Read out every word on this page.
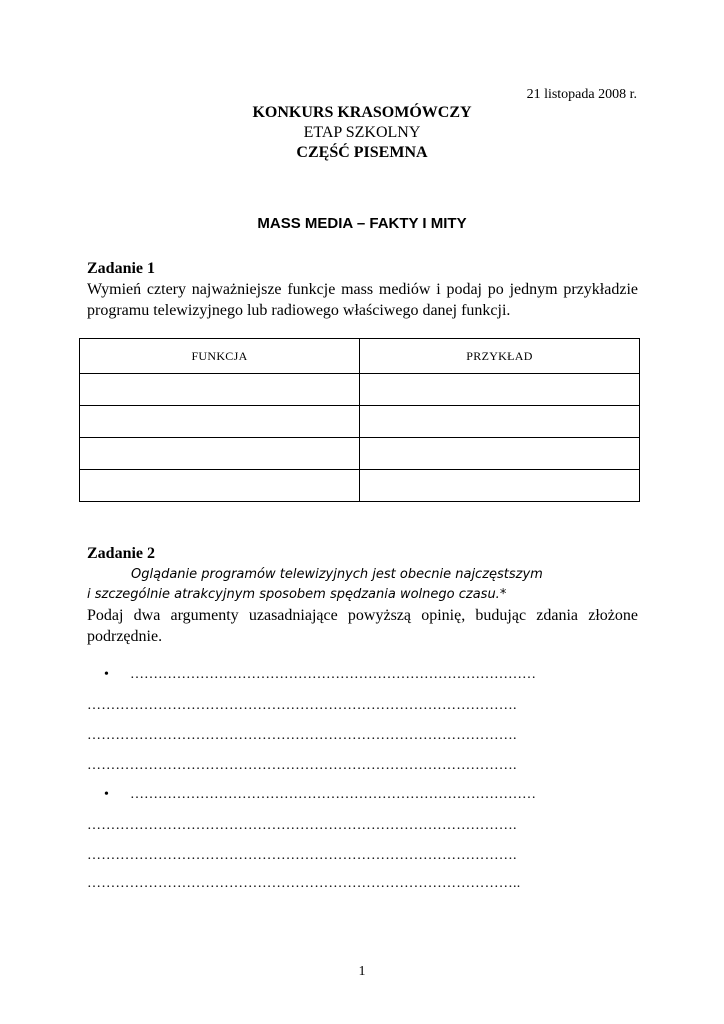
21 listopada 2008 r.
KONKURS KRASOMÓWCZY
ETAP SZKOLNY
CZĘŚĆ PISEMNA
MASS MEDIA – FAKTY I MITY
Zadanie 1
Wymień cztery najważniejsze funkcje mass mediów i podaj po jednym przykładzie programu telewizyjnego lub radiowego właściwego danej funkcji.
FUNKCJA	PRZYKŁAD

Zadanie 2
Oglądanie programów telewizyjnych jest obecnie najczęstszym
i szczególnie atrakcyjnym sposobem spędzania wolnego czasu.*
Podaj dwa argumenty uzasadniające powyższą opinię, budując zdania złożone podrzędnie.
• ……………………………………………………………………………
……………………………………………………………………………….
……………………………………………………………………………….
……………………………………………………………………………….
• ……………………………………………………………………………
……………………………………………………………………………….
……………………………………………………………………………….
………………………………………………………………………………..
1
